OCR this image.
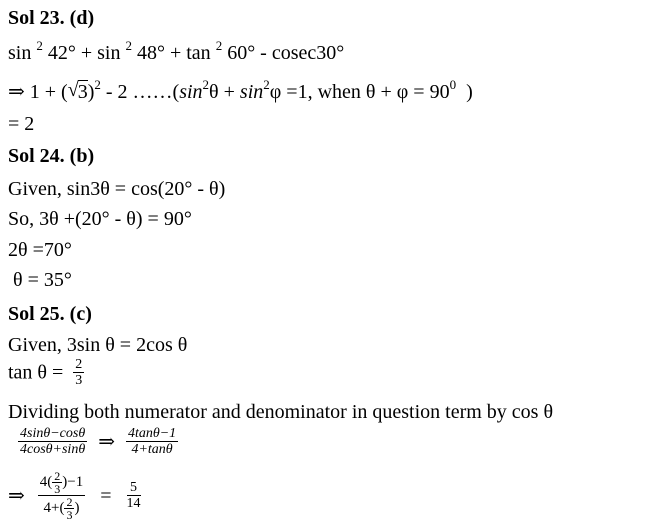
Sol 23. (d)
sin $^2$ 42° + sin $^2$ 48° + tan $^2$ 60° - cosec30°
⇒ 1 + (√ 3)$^2$ - 2 $\dots\dots(\sin^2\theta + \sin^2\varphi =1$, when $\theta + \varphi = 90^0$ )
= 2
Sol 24. (b)
Given, sin3θ = cos(20° - θ)
So, 3θ +(20° - θ) = 90°
2θ =70°
θ = 35°
Sol 25. (c)
Given, 3sin θ = 2cos θ
$\tan \theta = \frac{2}{3}$
Dividing both numerator and denominator in question term by cos θ
$\frac{4\sin\theta-\cos\theta}{4\cos\theta+\sin\theta}$ ⇒ $\frac{4\tan\theta-1}{4+\tan\theta}$
⇒ $\frac{4( \frac{2}{3} )-1}{4+( \frac{2}{3} )} = \frac{5}{14}$
